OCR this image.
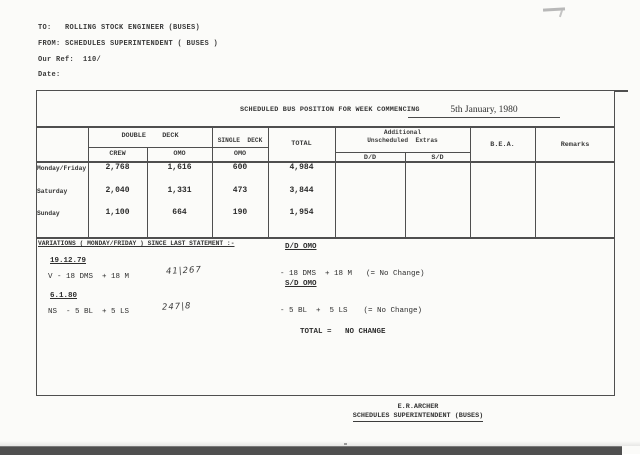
TO:   ROLLING STOCK ENGINEER (BUSES)
FROM: SCHEDULES SUPERINTENDENT ( BUSES )
Our Ref:  110/
Date:
SCHEDULED BUS POSITION FOR WEEK COMMENCING	5th January, 1980
DOUBLE    DECK
SINGLE  DECK	TOTAL
Additional
Unscheduled  Extras
B.E.A.	Remarks
CREW	OMO	OMO	D/D	S/D
Monday/Friday	2,768	1,616	600	4,984
Saturday	2,040	1,331	473	3,844
Sunday	1,100	664	190	1,954
VARIATIONS ( MONDAY/FRIDAY ) SINCE LAST STATEMENT :-
19.12.79
V - 18 DMS  + 18 M
41|267
6.1.80
NS  - 5 BL  + 5 LS	247|8
D/D OMO

- 18 DMS  + 18 M (= No Change)

S/D OMO

- 5 BL  +  5 LS (= No Change)

TOTAL =   NO CHANGE
E.R.ARCHER
SCHEDULES SUPERINTENDENT (BUSES)
